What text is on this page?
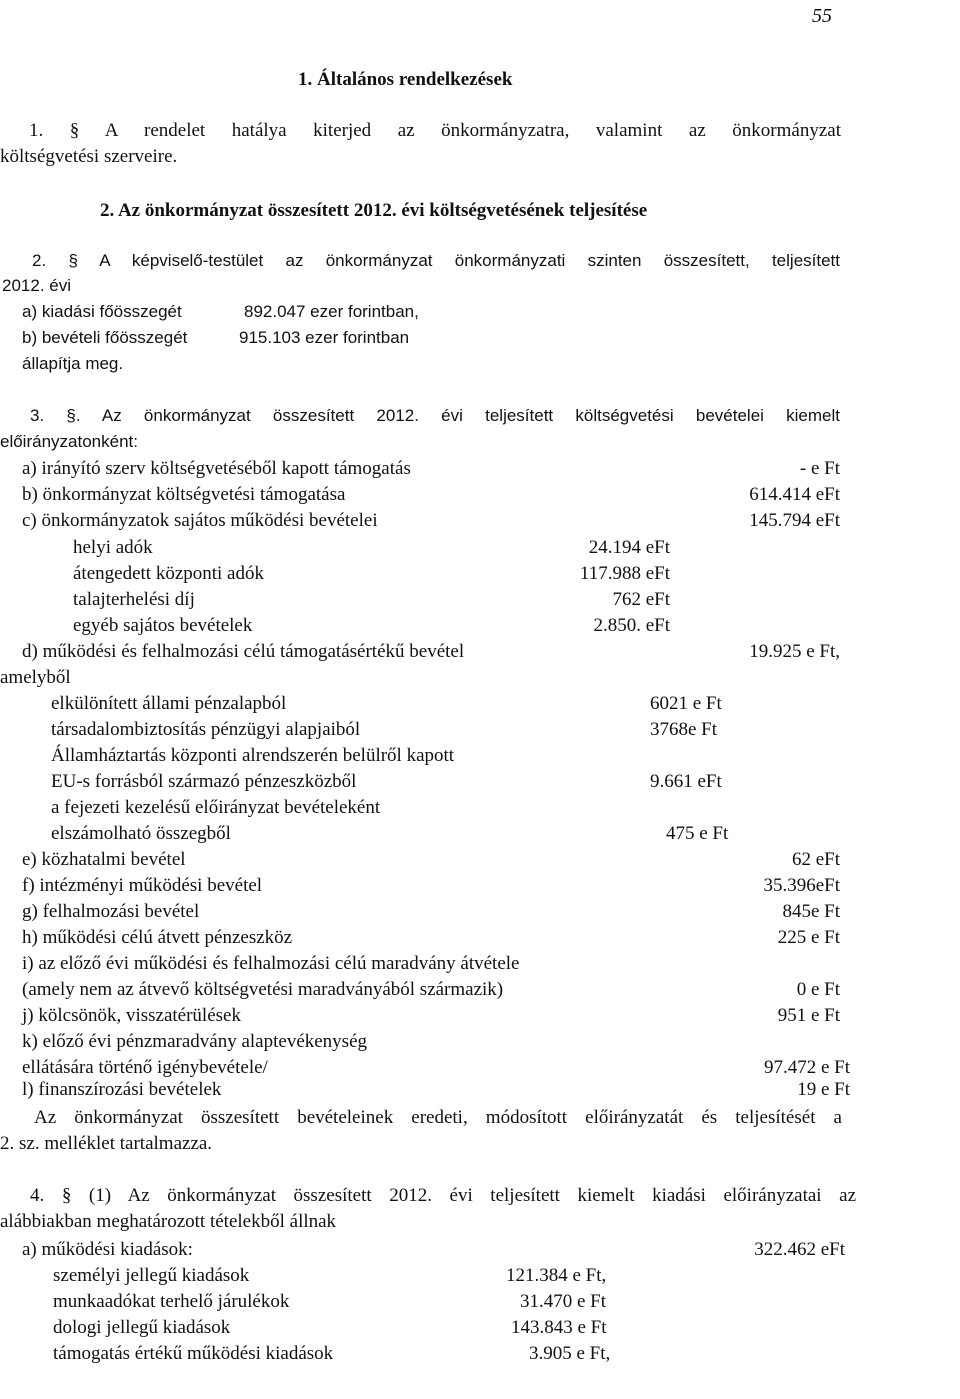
55
1. Általános rendelkezések
1. § A rendelet hatálya kiterjed az önkormányzatra, valamint az önkormányzat
költségvetési szerveire.
2. Az önkormányzat összesített 2012. évi költségvetésének teljesítése
2. § A képviselő-testület az önkormányzat önkormányzati szinten összesített, teljesített
2012. évi
a) kiadási főösszegét	892.047 ezer forintban,
b) bevételi főösszegét	915.103 ezer forintban
állapítja meg.
3. §. Az önkormányzat összesített 2012. évi teljesített költségvetési bevételei kiemelt
előirányzatonként:
a) irányító szerv költségvetéséből kapott támogatás	- e Ft
b) önkormányzat költségvetési támogatása	614.414 eFt
c) önkormányzatok sajátos működési bevételei	145.794 eFt
helyi adók	24.194 eFt
átengedett központi adók	117.988 eFt
talajterhelési díj	762 eFt
egyéb sajátos bevételek	2.850. eFt
d) működési és felhalmozási célú támogatásértékű bevétel	19.925 e Ft,
amelyből
elkülönített állami pénzalapból	6021 e Ft
társadalombiztosítás pénzügyi alapjaiból	3768e Ft
Államháztartás központi alrendszerén belülről kapott
EU-s forrásból származó pénzeszközből	9.661 eFt
a fejezeti kezelésű előirányzat bevételeként
elszámolható összegből	475 e Ft
e) közhatalmi bevétel	62 eFt
f) intézményi működési bevétel	35.396eFt
g) felhalmozási bevétel	845e Ft
h) működési célú átvett pénzeszköz	225 e Ft
i) az előző évi működési és felhalmozási célú maradvány átvétele
(amely nem az átvevő költségvetési maradványából származik)	0 e Ft
j) kölcsönök, visszatérülések	951 e Ft
k) előző évi pénzmaradvány alaptevékenység
ellátására történő igénybevétele/	97.472 e Ft
l) finanszírozási bevételek	19 e Ft
Az önkormányzat összesített bevételeinek eredeti, módosított előirányzatát és teljesítését a
2. sz. melléklet tartalmazza.
4. § (1) Az önkormányzat összesített 2012. évi teljesített kiemelt kiadási előirányzatai az
alábbiakban meghatározott tételekből állnak
a) működési kiadások:	322.462 eFt
személyi jellegű kiadások	121.384 e Ft,
munkaadókat terhelő járulékok	31.470 e Ft
dologi jellegű kiadások	143.843 e Ft
támogatás értékű működési kiadások	3.905 e Ft,
